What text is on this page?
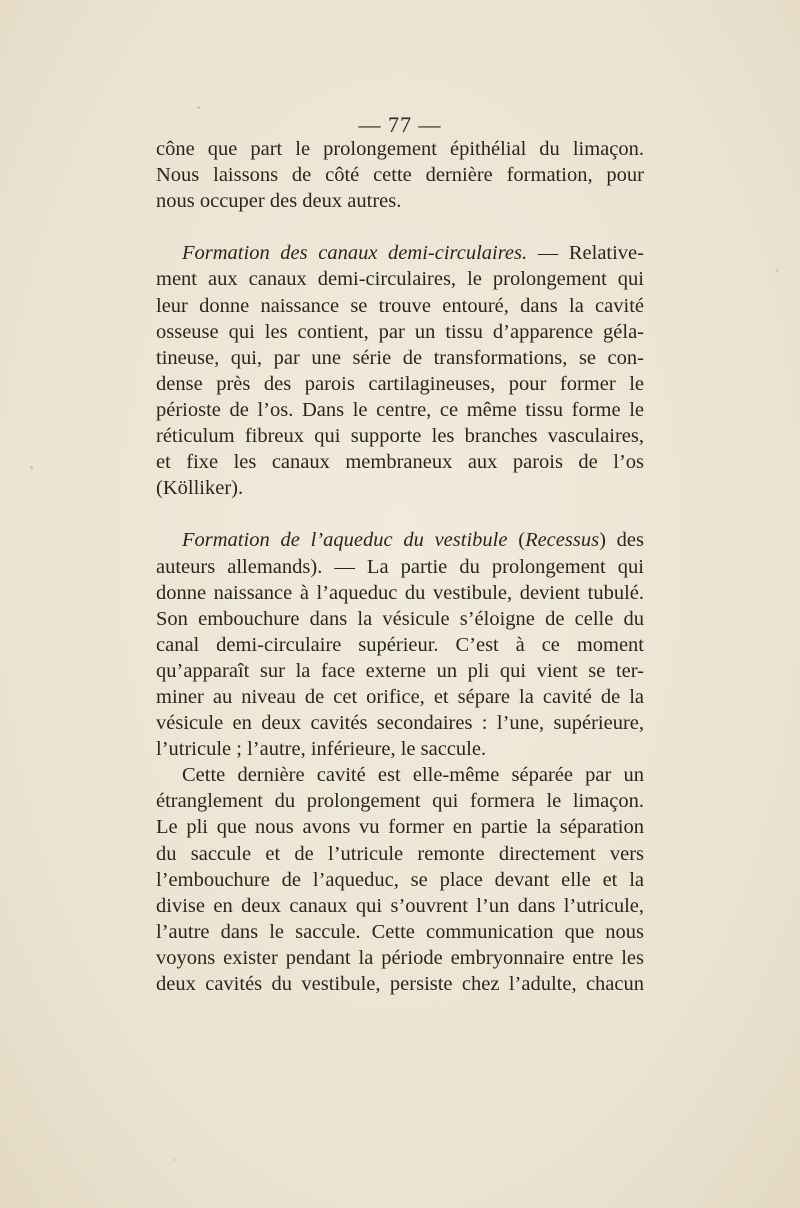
— 77 —
cône que part le prolongement épithélial du limaçon.
Nous laissons de côté cette dernière formation, pour
nous occuper des deux autres.
Formation des canaux demi-circulaires. — Relative-
ment aux canaux demi-circulaires, le prolongement qui
leur donne naissance se trouve entouré, dans la cavité
osseuse qui les contient, par un tissu d’apparence géla-
tineuse, qui, par une série de transformations, se con-
dense près des parois cartilagineuses, pour former le
périoste de l’os. Dans le centre, ce même tissu forme le
réticulum fibreux qui supporte les branches vasculaires,
et fixe les canaux membraneux aux parois de l’os
(Kölliker).
Formation de l’aqueduc du vestibule (Recessus) des
auteurs allemands). — La partie du prolongement qui
donne naissance à l’aqueduc du vestibule, devient tubulé.
Son embouchure dans la vésicule s’éloigne de celle du
canal demi-circulaire supérieur. C’est à ce moment
qu’apparaît sur la face externe un pli qui vient se ter-
miner au niveau de cet orifice, et sépare la cavité de la
vésicule en deux cavités secondaires : l’une, supérieure,
l’utricule ; l’autre, inférieure, le saccule.
Cette dernière cavité est elle-même séparée par un
étranglement du prolongement qui formera le limaçon.
Le pli que nous avons vu former en partie la séparation
du saccule et de l’utricule remonte directement vers
l’embouchure de l’aqueduc, se place devant elle et la
divise en deux canaux qui s’ouvrent l’un dans l’utricule,
l’autre dans le saccule. Cette communication que nous
voyons exister pendant la période embryonnaire entre les
deux cavités du vestibule, persiste chez l’adulte, chacun
